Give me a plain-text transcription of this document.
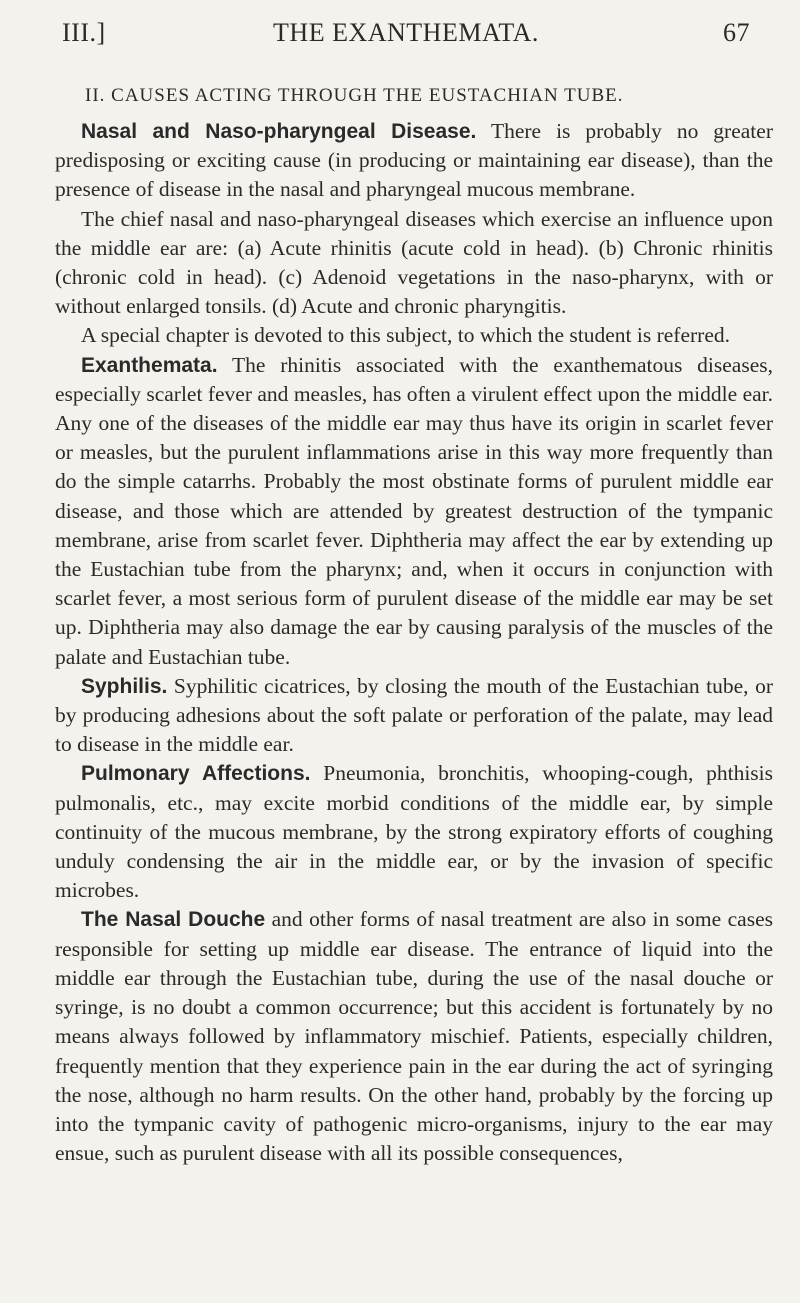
III.]	THE EXANTHEMATA.	67
II. CAUSES ACTING THROUGH THE EUSTACHIAN TUBE.

Nasal and Naso-pharyngeal Disease. There is probably no greater predisposing or exciting cause (in producing or maintaining ear disease), than the presence of disease in the nasal and pharyngeal mucous membrane.

The chief nasal and naso-pharyngeal diseases which exercise an influence upon the middle ear are: (a) Acute rhinitis (acute cold in head). (b) Chronic rhinitis (chronic cold in head). (c) Adenoid vegetations in the naso-pharynx, with or without enlarged tonsils. (d) Acute and chronic pharyngitis.

A special chapter is devoted to this subject, to which the student is referred.

Exanthemata. The rhinitis associated with the exanthematous diseases, especially scarlet fever and measles, has often a virulent effect upon the middle ear. Any one of the diseases of the middle ear may thus have its origin in scarlet fever or measles, but the purulent inflammations arise in this way more frequently than do the simple catarrhs. Probably the most obstinate forms of purulent middle ear disease, and those which are attended by greatest destruction of the tympanic membrane, arise from scarlet fever. Diphtheria may affect the ear by extending up the Eustachian tube from the pharynx; and, when it occurs in conjunction with scarlet fever, a most serious form of purulent disease of the middle ear may be set up. Diphtheria may also damage the ear by causing paralysis of the muscles of the palate and Eustachian tube.

Syphilis. Syphilitic cicatrices, by closing the mouth of the Eustachian tube, or by producing adhesions about the soft palate or perforation of the palate, may lead to disease in the middle ear.

Pulmonary Affections. Pneumonia, bronchitis, whooping-cough, phthisis pulmonalis, etc., may excite morbid conditions of the middle ear, by simple continuity of the mucous membrane, by the strong expiratory efforts of coughing unduly condensing the air in the middle ear, or by the invasion of specific microbes.

The Nasal Douche and other forms of nasal treatment are also in some cases responsible for setting up middle ear disease. The entrance of liquid into the middle ear through the Eustachian tube, during the use of the nasal douche or syringe, is no doubt a common occurrence; but this accident is fortunately by no means always followed by inflammatory mischief. Patients, especially children, frequently mention that they experience pain in the ear during the act of syringing the nose, although no harm results. On the other hand, probably by the forcing up into the tympanic cavity of pathogenic micro-organisms, injury to the ear may ensue, such as purulent disease with all its possible consequences,
